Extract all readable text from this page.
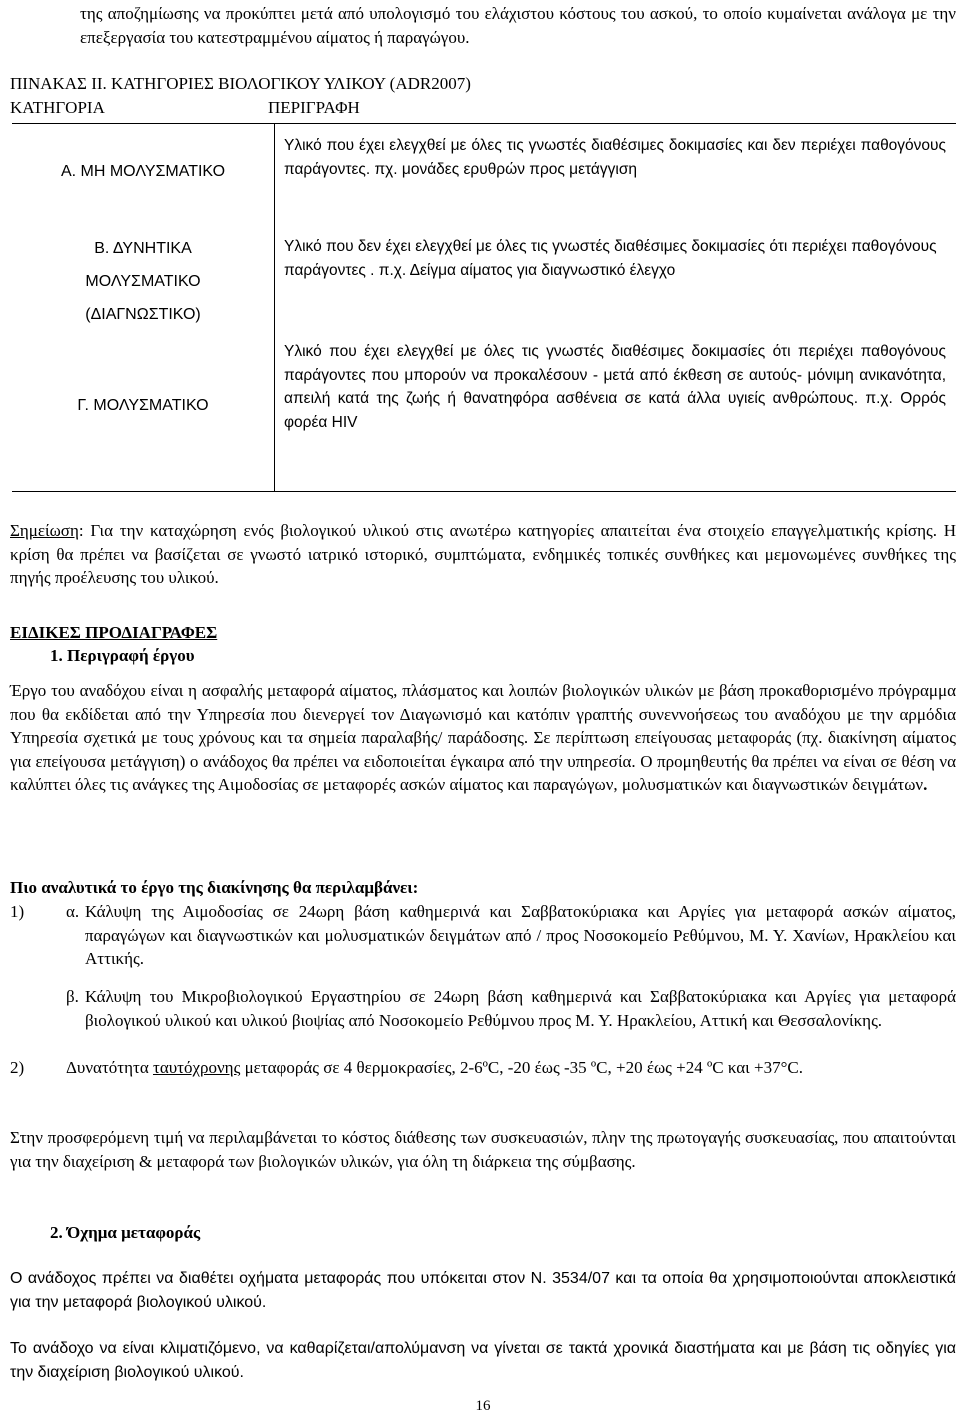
της αποζημίωσης να προκύπτει μετά από υπολογισμό του ελάχιστου κόστους του ασκού, το οποίο κυμαίνεται ανάλογα με την επεξεργασία του κατεστραμμένου αίματος ή παραγώγου.
ΠΙΝΑΚΑΣ ΙΙ. ΚΑΤΗΓΟΡΙΕΣ ΒΙΟΛΟΓΙΚΟΥ ΥΛΙΚΟΥ (ADR2007)
ΚΑΤΗΓΟΡΙΑ	ΠΕΡΙΓΡΑΦΗ
Α. ΜΗ ΜΟΛΥΣΜΑΤΙΚΟ
Υλικό που έχει ελεγχθεί με όλες τις γνωστές διαθέσιμες δοκιμασίες και δεν περιέχει παθογόνους παράγοντες. πχ. μονάδες ερυθρών προς μετάγγιση
Β. ΔΥΝΗΤΙΚΑ
ΜΟΛΥΣΜΑΤΙΚΟ
(ΔΙΑΓΝΩΣΤΙΚΟ)
Υλικό που δεν έχει ελεγχθεί με όλες τις γνωστές διαθέσιμες δοκιμασίες ότι περιέχει παθογόνους παράγοντες . π.χ. Δείγμα αίματος για διαγνωστικό έλεγχο
Γ. ΜΟΛΥΣΜΑΤΙΚΟ
Υλικό που έχει ελεγχθεί με όλες τις γνωστές διαθέσιμες δοκιμασίες ότι περιέχει παθογόνους παράγοντες που μπορούν να προκαλέσουν - μετά από έκθεση σε αυτούς- μόνιμη ανικανότητα, απειλή κατά της ζωής ή θανατηφόρα ασθένεια σε κατά άλλα υγιείς ανθρώπους. π.χ. Ορρός φορέα HIV
Σημείωση: Για την καταχώρηση ενός βιολογικού υλικού στις ανωτέρω κατηγορίες απαιτείται ένα στοιχείο επαγγελματικής κρίσης. Η κρίση θα πρέπει να βασίζεται σε γνωστό ιατρικό ιστορικό, συμπτώματα, ενδημικές τοπικές συνθήκες και μεμονωμένες συνθήκες της πηγής προέλευσης του υλικού.
ΕΙΔΙΚΕΣ ΠΡΟΔΙΑΓΡΑΦΕΣ
1. Περιγραφή έργου
Έργο του αναδόχου είναι η ασφαλής μεταφορά αίματος, πλάσματος και λοιπών βιολογικών υλικών με βάση προκαθορισμένο πρόγραμμα που θα εκδίδεται από την Υπηρεσία που διενεργεί τον Διαγωνισμό και κατόπιν γραπτής συνεννοήσεως του αναδόχου με την αρμόδια Υπηρεσία σχετικά με τους χρόνους και τα σημεία παραλαβής/ παράδοσης. Σε περίπτωση επείγουσας μεταφοράς (πχ. διακίνηση αίματος για επείγουσα μετάγγιση) ο ανάδοχος θα πρέπει να ειδοποιείται έγκαιρα από την υπηρεσία. Ο προμηθευτής θα πρέπει να είναι σε θέση να καλύπτει όλες τις ανάγκες της Αιμοδοσίας σε μεταφορές ασκών αίματος και παραγώγων, μολυσματικών και διαγνωστικών δειγμάτων.
Πιο αναλυτικά το έργο της διακίνησης θα περιλαμβάνει:
1) α. Κάλυψη της Αιμοδοσίας σε 24ωρη βάση καθημερινά και Σαββατοκύριακα και Αργίες για μεταφορά ασκών αίματος, παραγώγων και διαγνωστικών και μολυσματικών δειγμάτων από / προς Νοσοκομείο Ρεθύμνου, Μ. Υ. Χανίων, Ηρακλείου και Αττικής.
β. Κάλυψη του Μικροβιολογικού Εργαστηρίου σε 24ωρη βάση καθημερινά και Σαββατοκύριακα και Αργίες για μεταφορά βιολογικού υλικού και υλικού βιοψίας από Νοσοκομείο Ρεθύμνου προς Μ. Υ. Ηρακλείου, Αττική και Θεσσαλονίκης.
2) Δυνατότητα ταυτόχρονης μεταφοράς σε 4 θερμοκρασίες, 2-6ºC, -20 έως -35 ºC, +20 έως +24 ºC και +37°C.
Στην προσφερόμενη τιμή να περιλαμβάνεται το κόστος διάθεσης των συσκευασιών, πλην της πρωτογαγής συσκευασίας, που απαιτούνται για την διαχείριση & μεταφορά των βιολογικών υλικών, για όλη τη διάρκεια της σύμβασης.
2. Όχημα μεταφοράς
Ο ανάδοχος πρέπει να διαθέτει οχήματα μεταφοράς που υπόκειται στον Ν. 3534/07 και τα οποία θα χρησιμοποιούνται αποκλειστικά για την μεταφορά βιολογικού υλικού.
Το ανάδοχο να είναι κλιματιζόμενο, να καθαρίζεται/απολύμανση να γίνεται σε τακτά χρονικά διαστήματα και με βάση τις οδηγίες για την διαχείριση βιολογικού υλικού.
16
